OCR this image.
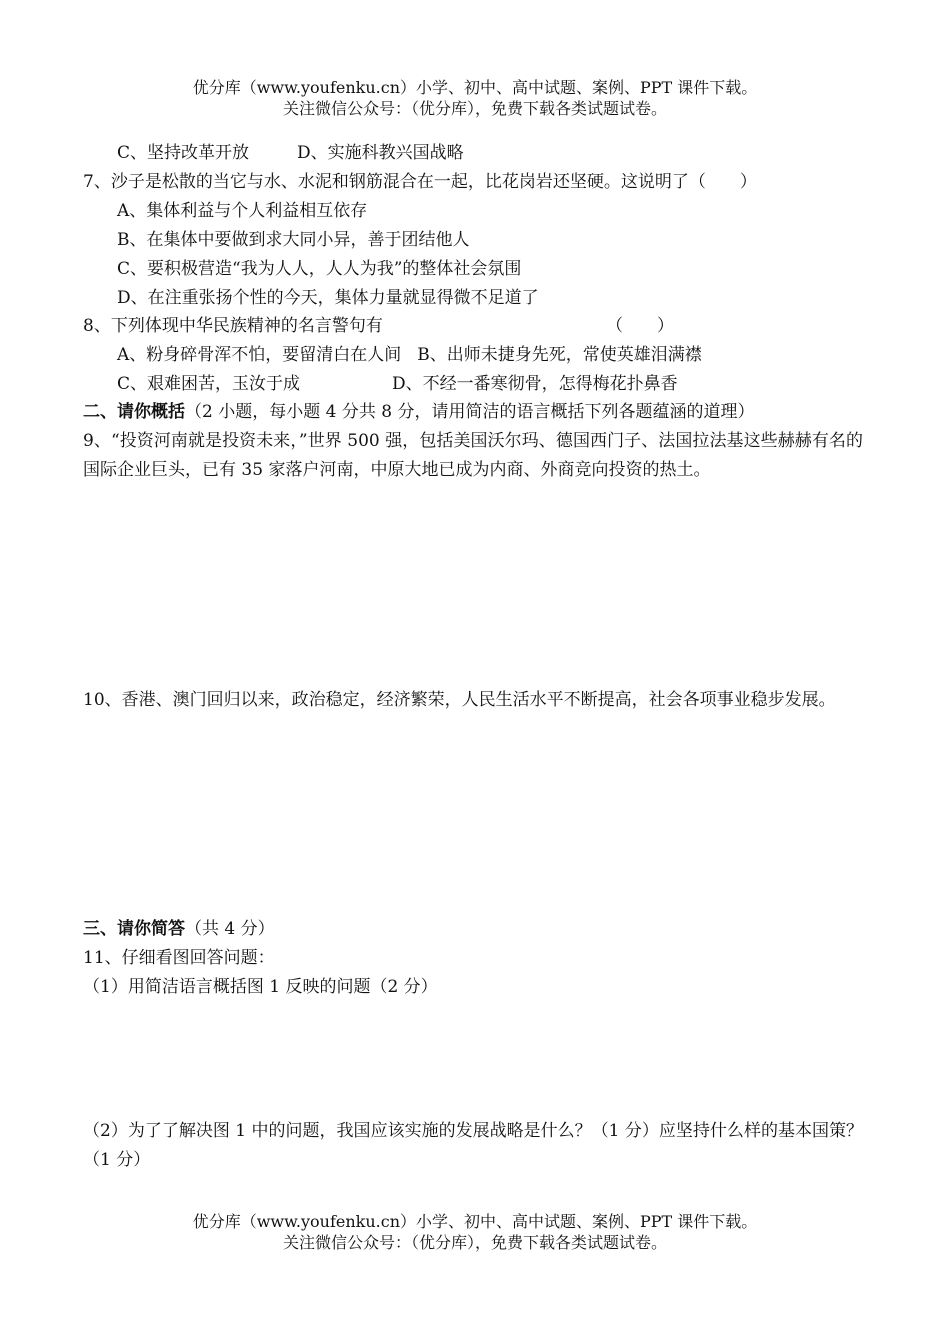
优分库（www.youfenku.cn）小学、初中、高中试题、案例、PPT 课件下载。
关注微信公众号：（优分库），免费下载各类试题试卷。
C、坚持改革开放	D、实施科教兴国战略
7、沙子是松散的当它与水、水泥和钢筋混合在一起，比花岗岩还坚硬。这说明了（　　）
A、集体利益与个人利益相互依存
B、在集体中要做到求大同小异，善于团结他人
C、要积极营造“我为人人，人人为我”的整体社会氛围
D、在注重张扬个性的今天，集体力量就显得微不足道了
8、下列体现中华民族精神的名言警句有	（　　）
A、粉身碎骨浑不怕，要留清白在人间 B、出师未捷身先死，常使英雄泪满襟
C、艰难困苦，玉汝于成	D、不经一番寒彻骨，怎得梅花扑鼻香
二、请你概括（2 小题，每小题 4 分共 8 分，请用简洁的语言概括下列各题蕴涵的道理）
9、“投资河南就是投资未来，”世界 500 强，包括美国沃尔玛、德国西门子、法国拉法基这些赫赫有名的国际企业巨头，已有 35 家落户河南，中原大地已成为内商、外商竞向投资的热土。
10、香港、澳门回归以来，政治稳定，经济繁荣，人民生活水平不断提高，社会各项事业稳步发展。
三、请你简答（共 4 分）
11、仔细看图回答问题：
（1）用简洁语言概括图 1 反映的问题（2 分）
（2）为了了解决图 1 中的问题，我国应该实施的发展战略是什么？（1 分）应坚持什么样的基本国策？（1 分）
优分库（www.youfenku.cn）小学、初中、高中试题、案例、PPT 课件下载。
关注微信公众号：（优分库），免费下载各类试题试卷。
